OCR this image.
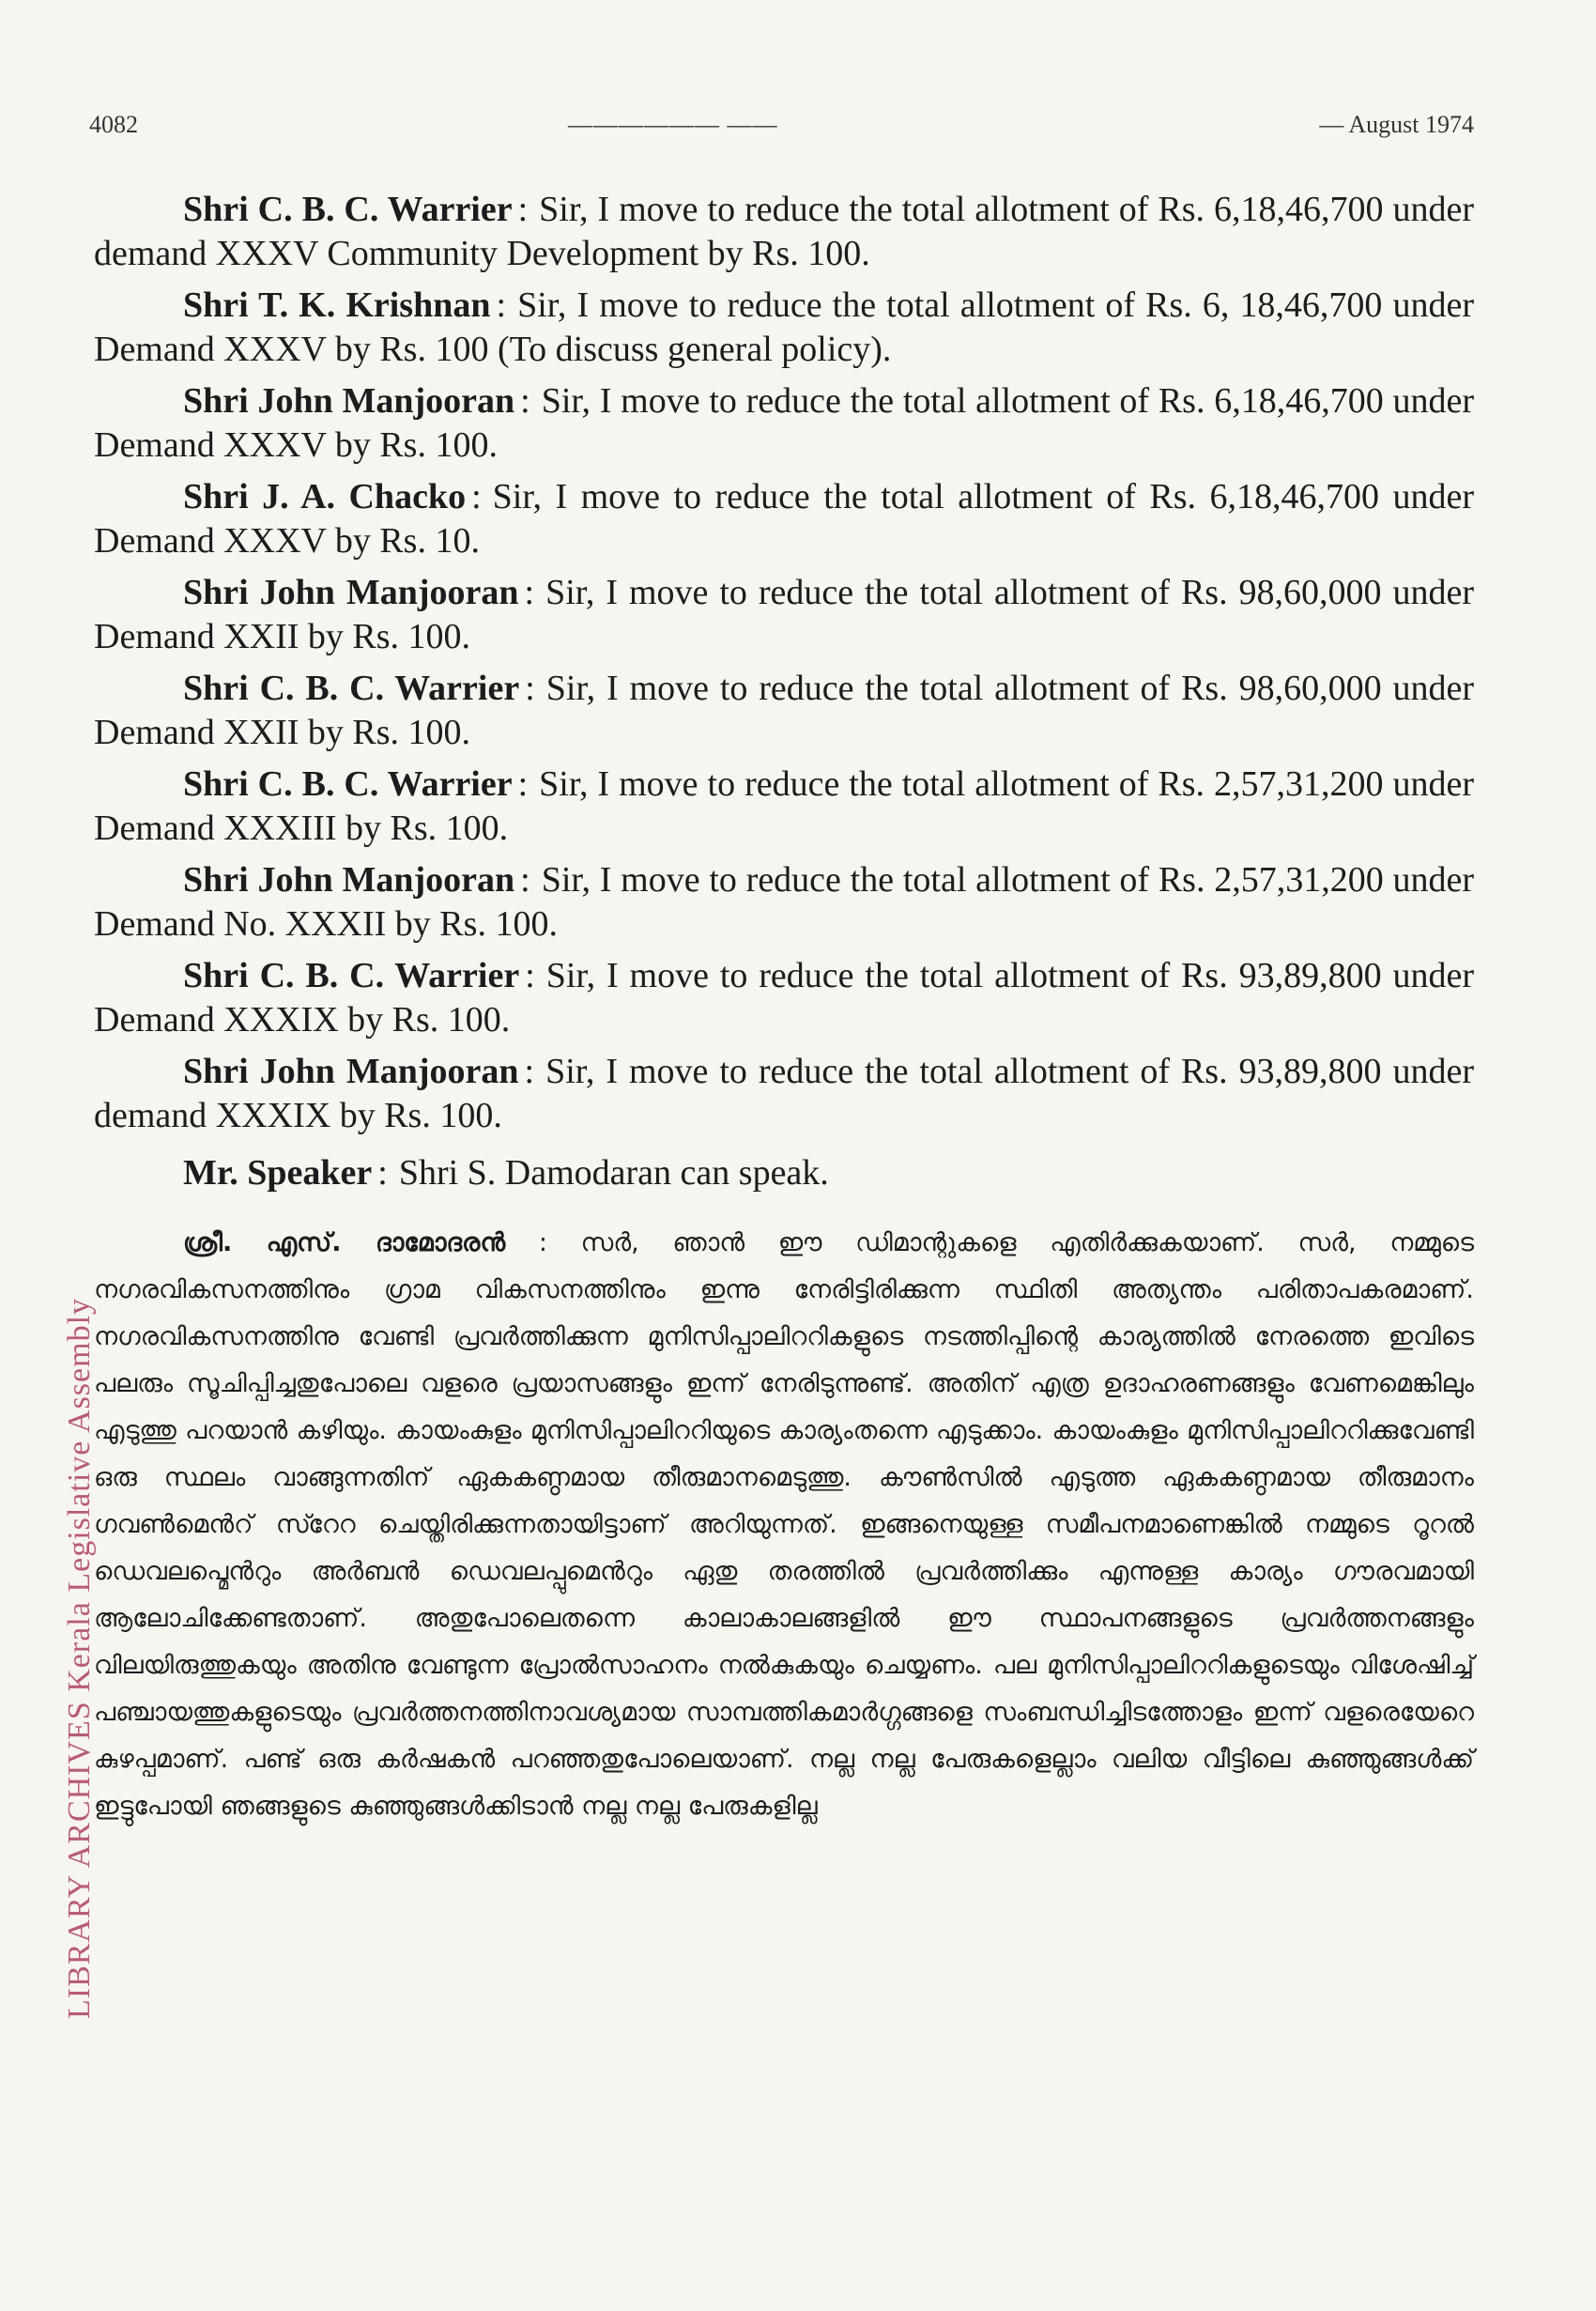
4082	—————— ——	— August 1974
LIBRARY ARCHIVES Kerala Legislative Assembly

Shri C. B. C. Warrier : Sir, I move to reduce the total allotment of Rs. 6,18,46,700 under demand XXXV Community Development by Rs. 100.

Shri T. K. Krishnan : Sir, I move to reduce the total allotment of Rs. 6, 18,46,700 under Demand XXXV by Rs. 100 (To discuss general policy).

Shri John Manjooran : Sir, I move to reduce the total allotment of Rs. 6,18,46,700 under Demand XXXV by Rs. 100.

Shri J. A. Chacko : Sir, I move to reduce the total allotment of Rs. 6,18,46,700 under Demand XXXV by Rs. 10.

Shri John Manjooran : Sir, I move to reduce the total allotment of Rs. 98,60,000 under Demand XXII by Rs. 100.

Shri C. B. C. Warrier : Sir, I move to reduce the total allotment of Rs. 98,60,000 under Demand XXII by Rs. 100.

Shri C. B. C. Warrier : Sir, I move to reduce the total allotment of Rs. 2,57,31,200 under Demand XXXIII by Rs. 100.

Shri John Manjooran : Sir, I move to reduce the total allotment of Rs. 2,57,31,200 under Demand No. XXXII by Rs. 100.

Shri C. B. C. Warrier : Sir, I move to reduce the total allotment of Rs. 93,89,800 under Demand XXXIX by Rs. 100.

Shri John Manjooran : Sir, I move to reduce the total allotment of Rs. 93,89,800 under demand XXXIX by Rs. 100.

Mr. Speaker : Shri S. Damodaran can speak.

ശ്രീ. എസ്. ദാമോദരൻ : സർ, ഞാൻ ഈ ഡിമാന്റുകളെ എതിർക്കുകയാണ്. സർ, നമ്മുടെ നഗരവികസനത്തിനും ഗ്രാമ വികസനത്തിനും ഇന്നു നേരിട്ടിരിക്കുന്ന സ്ഥിതി അത്യന്തം പരിതാപകരമാണ്. നഗരവികസനത്തിനു വേണ്ടി പ്രവർത്തിക്കുന്ന മുനിസിപ്പാലിററികളുടെ നടത്തിപ്പിന്റെ കാര്യത്തിൽ നേരത്തെ ഇവിടെ പലരും സൂചിപ്പിച്ചതുപോലെ വളരെ പ്രയാസങ്ങളും ഇന്ന് നേരിടുന്നുണ്ട്. അതിന് എത്ര ഉദാഹരണങ്ങളും വേണമെങ്കിലും എടുത്തു പറയാൻ കഴിയും. കായംകുളം മുനിസിപ്പാലിററിയുടെ കാര്യംതന്നെ എടുക്കാം. കായംകുളം മുനിസിപ്പാലിററിക്കുവേണ്ടി ഒരു സ്ഥലം വാങ്ങുന്നതിന് ഏകകണ്ഠമായ തീരുമാനമെടുത്തു. കൗൺസിൽ എടുത്ത ഏകകണ്ഠമായ തീരുമാനം ഗവൺമെൻറ് സ്റേറ ചെയ്തിരിക്കുന്നതായിട്ടാണ് അറിയുന്നത്. ഇങ്ങനെയുള്ള സമീപനമാണെങ്കിൽ നമ്മുടെ റൂറൽ ഡെവലപ്മെൻറും അർബൻ ഡെവലപ്പുമെൻറും ഏതു തരത്തിൽ പ്രവർത്തിക്കും എന്നുള്ള കാര്യം ഗൗരവമായി ആലോചിക്കേണ്ടതാണ്. അതുപോലെതന്നെ കാലാകാലങ്ങളിൽ ഈ സ്ഥാപനങ്ങളുടെ പ്രവർത്തനങ്ങളും വിലയിരുത്തുകയും അതിനു വേണ്ടുന്ന പ്രോൽസാഹനം നൽകുകയും ചെയ്യണം. പല മുനിസിപ്പാലിററികളുടെയും വിശേഷിച്ച് പഞ്ചായത്തുകളുടെയും പ്രവർത്തനത്തിനാവശ്യമായ സാമ്പത്തികമാർഗ്ഗങ്ങളെ സംബന്ധിച്ചിടത്തോളം ഇന്ന് വളരെയേറെ കുഴപ്പമാണ്. പണ്ട് ഒരു കർഷകൻ പറഞ്ഞതുപോലെയാണ്. നല്ല നല്ല പേരുകളെല്ലാം വലിയ വീട്ടിലെ കുഞ്ഞുങ്ങൾക്ക് ഇട്ടുപോയി ഞങ്ങളുടെ കുഞ്ഞുങ്ങൾക്കിടാൻ നല്ല നല്ല പേരുകളില്ല
